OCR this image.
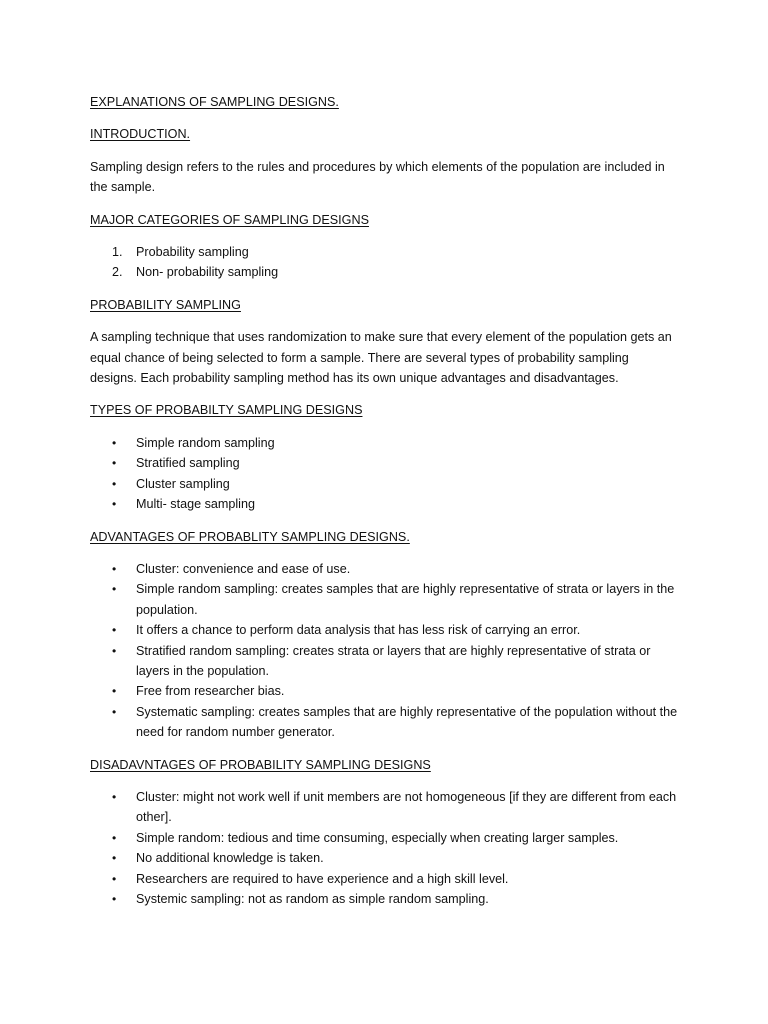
EXPLANATIONS OF SAMPLING DESIGNS.
INTRODUCTION.

Sampling design refers to the rules and procedures by which elements of the population are included in the sample.

MAJOR CATEGORIES OF SAMPLING DESIGNS
1.	Probability sampling
2.	Non- probability sampling
PROBABILITY SAMPLING

A sampling technique that uses randomization to make sure that every element of the population gets an equal chance of being selected to form a sample. There are several types of probability sampling designs. Each probability sampling method has its own unique advantages and disadvantages.

TYPES OF PROBABILTY SAMPLING DESIGNS
•	Simple random sampling
•	Stratified sampling
•	Cluster sampling
•	Multi- stage sampling
ADVANTAGES OF PROBABLITY SAMPLING DESIGNS.
•	Cluster: convenience and ease of use.
•	Simple random sampling: creates samples that are highly representative of strata or layers in the population.
•	It offers a chance to perform data analysis that has less risk of carrying an error.
•	Stratified random sampling: creates strata or layers that are highly representative of strata or layers in the population.
•	Free from researcher bias.
•	Systematic sampling: creates samples that are highly representative of the population without the need for random number generator.
DISADAVNTAGES OF PROBABILITY SAMPLING DESIGNS
•	Cluster: might not work well if unit members are not homogeneous [if they are different from each other].
•	Simple random: tedious and time consuming, especially when creating larger samples.
•	No additional knowledge is taken.
•	Researchers are required to have experience and a high skill level.
•	Systemic sampling: not as random as simple random sampling.
